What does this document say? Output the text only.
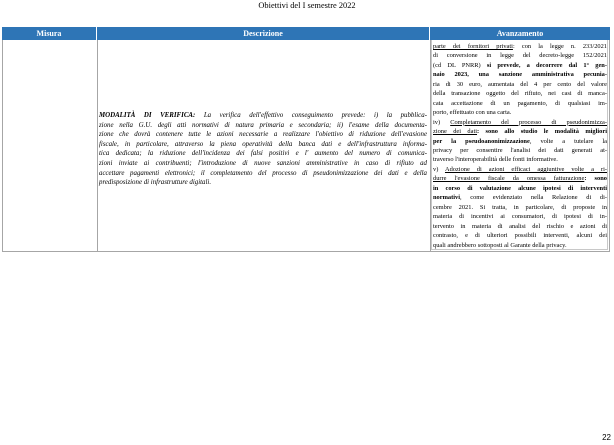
Obiettivi del I semestre 2022
Misura	Descrizione	Avanzamento
MODALITÀ DI VERIFICA: La verifica dell'effettivo conseguimento prevede: i) la pubblica-
zione nella G.U. degli atti normativi di natura primaria e secondaria; ii) l'esame della documenta-
zione che dovrà contenere tutte le azioni necessarie a realizzare l'obiettivo di riduzione dell'evasione
fiscale, in particolare, attraverso la piena operatività della banca dati e dell'infrastruttura informa-
tica dedicata; la riduzione dell'incidenza dei falsi positivi e l' aumento del numero di comunica-
zioni inviate ai contribuenti; l'introduzione di nuove sanzioni amministrative in caso di rifiuto ad
accettare pagamenti elettronici; il completamento del processo di pseudonimizzazione dei dati e della
predisposizione di infrastrutture digitali.
parte dei fornitori privati: con la legge n. 233/2021
di conversione in legge del decreto-legge 152/2021
(cd DL PNRR) si prevede, a decorrere dal 1° gen-
naio 2023, una sanzione amministrativa pecunia-
ria di 30 euro, aumentata del 4 per cento del valore
della transazione oggetto del rifiuto, nei casi di manca-
cata accettazione di un pagamento, di qualsiasi im-
porto, effettuato con una carta.
iv) Completamento del processo di pseudonimizza-
zione dei dati: sono allo studio le modalità migliori
per la pseudoanonimizzazione, volte a tutelare la
privacy per consentire l'analisi dei dati generati at-
traverso l'interoperabilità delle fonti informative.
v) Adozione di azioni efficaci aggiuntive volte a ri-
durre l'evasione fiscale da omessa fatturazione: sono
in corso di valutazione alcune ipotesi di interventi
normativi, come evidenziato nella Relazione di di-
cembre 2021. Si tratta, in particolare, di proposte in
materia di incentivi ai consumatori, di ipotesi di in-
tervento in materia di analisi del rischio e azioni di
contrasto, e di ulteriori possibili interventi, alcuni dei
quali andrebbero sottoposti al Garante della privacy.
22
